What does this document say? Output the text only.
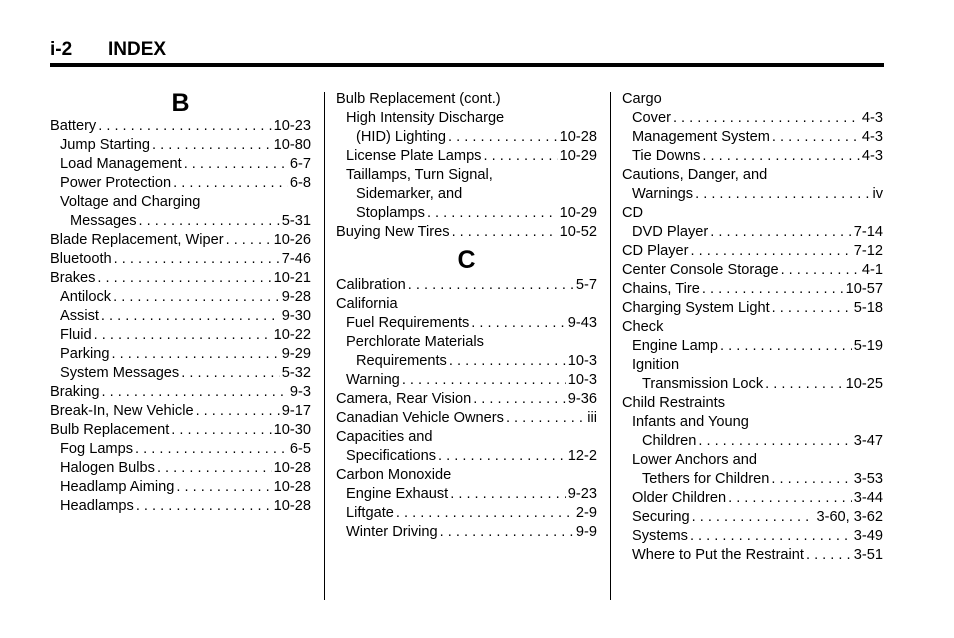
i-2 INDEX
B
Battery . . .	10-23
Jump Starting . . .	10-80
Load Management . . .	6-7
Power Protection . . .	6-8
Voltage and Charging
Messages . . .	5-31
Blade Replacement, Wiper . . .	10-26
Bluetooth . . .	7-46
Brakes . . .	10-21
Antilock . . .	9-28
Assist . . .	9-30
Fluid . . .	10-22
Parking . . .	9-29
System Messages . . .	5-32
Braking . . .	9-3
Break-In, New Vehicle . . .	9-17
Bulb Replacement . . .	10-30
Fog Lamps . . .	6-5
Halogen Bulbs . . .	10-28
Headlamp Aiming . . .	10-28
Headlamps . . .	10-28
Bulb Replacement (cont.)
High Intensity Discharge
(HID) Lighting . . .	10-28
License Plate Lamps . . .	10-29
Taillamps, Turn Signal,
Sidemarker, and
Stoplamps . . .	10-29
Buying New Tires . . .	10-52
C
Calibration . . .	5-7
California
Fuel Requirements . . .	9-43
Perchlorate Materials
Requirements . . .	10-3
Warning . . .	10-3
Camera, Rear Vision . . .	9-36
Canadian Vehicle Owners . . .	iii
Capacities and
Specifications . . .	12-2
Carbon Monoxide
Engine Exhaust . . .	9-23
Liftgate . . .	2-9
Winter Driving . . .	9-9
Cargo
Cover . . .	4-3
Management System . . .	4-3
Tie Downs . . .	4-3
Cautions, Danger, and
Warnings . . .	iv
CD
DVD Player . . .	7-14
CD Player . . .	7-12
Center Console Storage . . .	4-1
Chains, Tire . . .	10-57
Charging System Light . . .	5-18
Check
Engine Lamp . . .	5-19
Ignition
Transmission Lock . . .	10-25
Child Restraints
Infants and Young
Children . . .	3-47
Lower Anchors and
Tethers for Children . . .	3-53
Older Children . . .	3-44
Securing . . .	3-60, 3-62
Systems . . .	3-49
Where to Put the Restraint . . .	3-51
